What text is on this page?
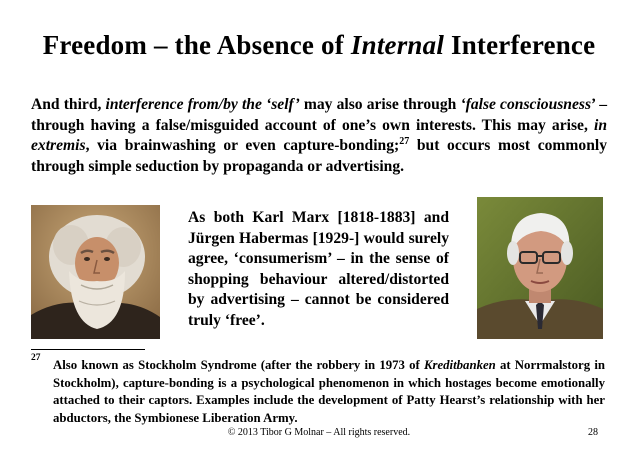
Freedom – the Absence of Internal Interference
And third, interference from/by the ‘self’ may also arise through ‘false consciousness’ – through having a false/misguided account of one’s own interests. This may arise, in extremis, via brainwashing or even capture-bonding;$^{27}$ but occurs most commonly through simple seduction by propaganda or advertising.
As both Karl Marx [1818-1883] and Jürgen Habermas [1929-] would surely agree, ‘consumerism’ – in the sense of shopping behaviour altered/distorted by advertising – cannot be considered truly ‘free’.
27 Also known as Stockholm Syndrome (after the robbery in 1973 of Kreditbanken at Norrmalstorg in Stockholm), capture-bonding is a psychological phenomenon in which hostages become emotionally attached to their captors. Examples include the development of Patty Hearst’s relationship with her abductors, the Symbionese Liberation Army.
© 2013 Tibor G Molnar – All rights reserved.	28
